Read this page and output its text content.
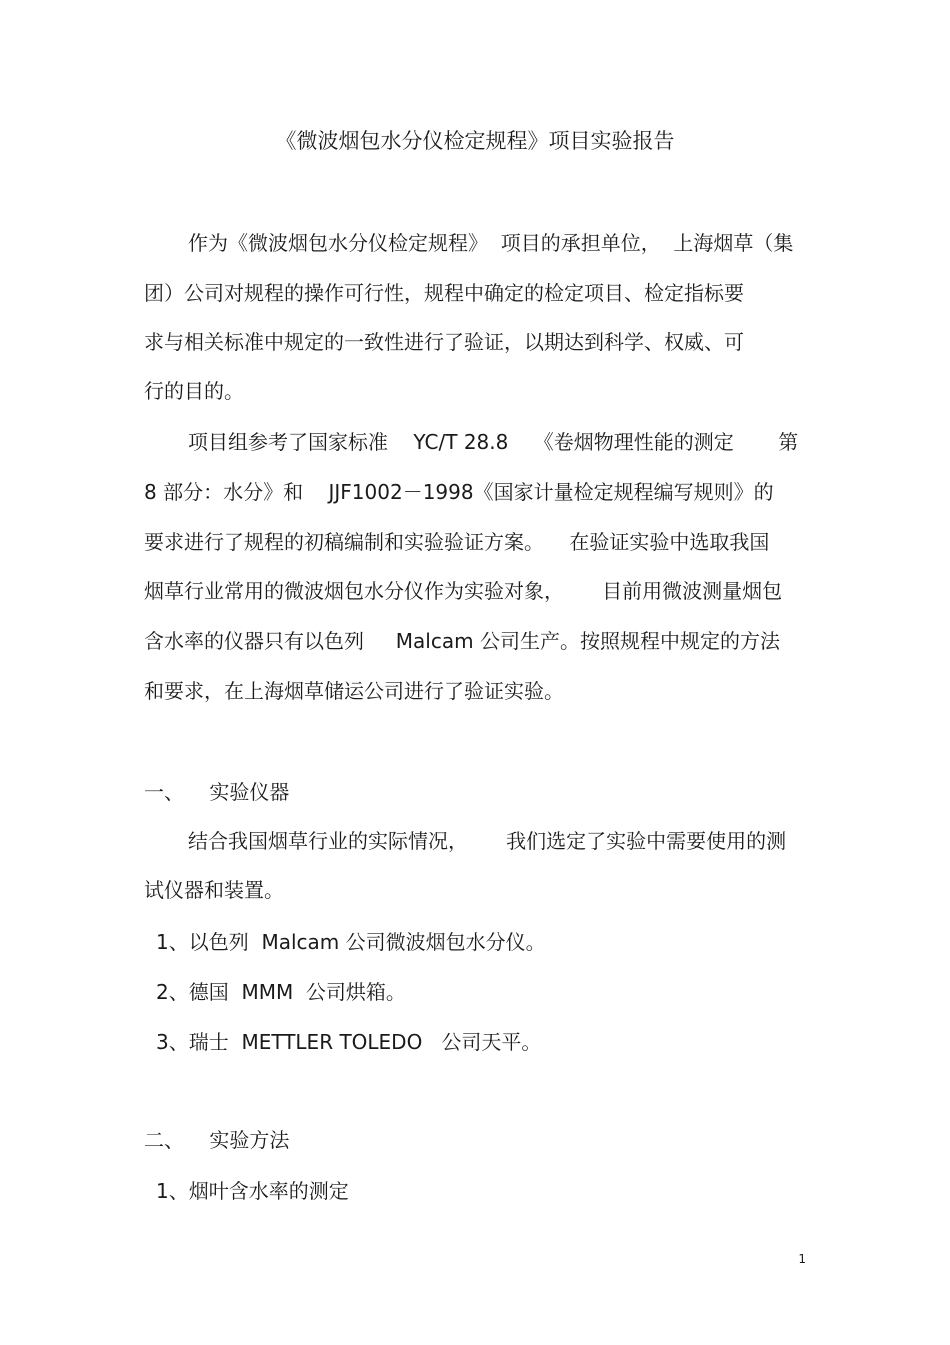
《微波烟包水分仪检定规程》项目实验报告
作为《微波烟包水分仪检定规程》  项目的承担单位，  上海烟草（集
团）公司对规程的操作可行性，规程中确定的检定项目、检定指标要
求与相关标准中规定的一致性进行了验证，以期达到科学、权威、可
行的目的。
项目组参考了国家标准    YC/T 28.8    《卷烟物理性能的测定       第
8 部分：水分》和    JJF1002－1998《国家计量检定规程编写规则》的
要求进行了规程的初稿编制和实验验证方案。    在验证实验中选取我国
烟草行业常用的微波烟包水分仪作为实验对象，      目前用微波测量烟包
含水率的仪器只有以色列     Malcam 公司生产。按照规程中规定的方法
和要求，在上海烟草储运公司进行了验证实验。
一、    实验仪器
结合我国烟草行业的实际情况，      我们选定了实验中需要使用的测
试仪器和装置。
1、以色列  Malcam 公司微波烟包水分仪。
2、德国  MMM  公司烘箱。
3、瑞士  METTLER TOLEDO   公司天平。
二、    实验方法
1、烟叶含水率的测定
1
